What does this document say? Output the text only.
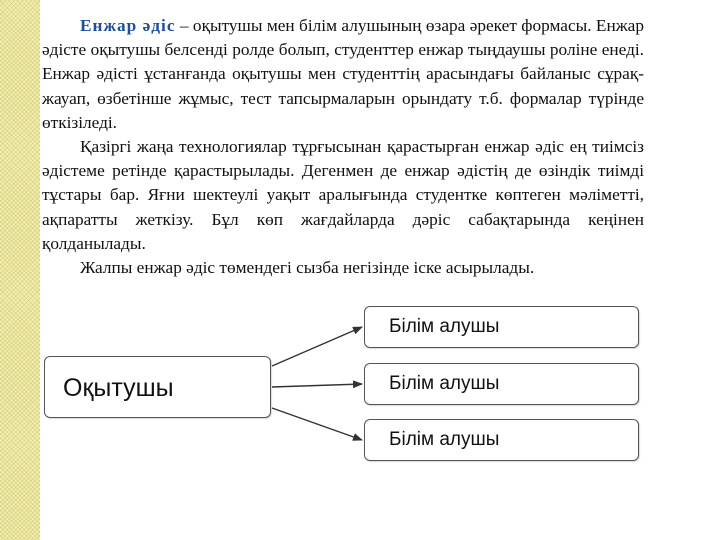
Енжар әдіс – оқытушы мен білім алушының өзара әрекет формасы. Енжар әдісте оқытушы белсенді ролде болып, студенттер енжар тыңдаушы роліне енеді. Енжар әдісті ұстанғанда оқытушы мен студенттің арасындағы байланыс сұрақ-жауап, өзбетінше жұмыс, тест тапсырмаларын орындату т.б. формалар түрінде өткізіледі.

Қазіргі жаңа технологиялар тұрғысынан қарастырған енжар әдіс ең тиімсіз әдістеме ретінде қарастырылады. Дегенмен де енжар әдістің де өзіндік тиімді тұстары бар. Яғни шектеулі уақыт аралығында студентке көптеген мәліметті, ақпаратты жеткізу. Бұл көп жағдайларда дәріс сабақтарында кеңінен қолданылады.

Жалпы енжар әдіс төмендегі сызба негізінде іске асырылады.

Оқытушы
Білім алушы
Білім алушы
Білім алушы
